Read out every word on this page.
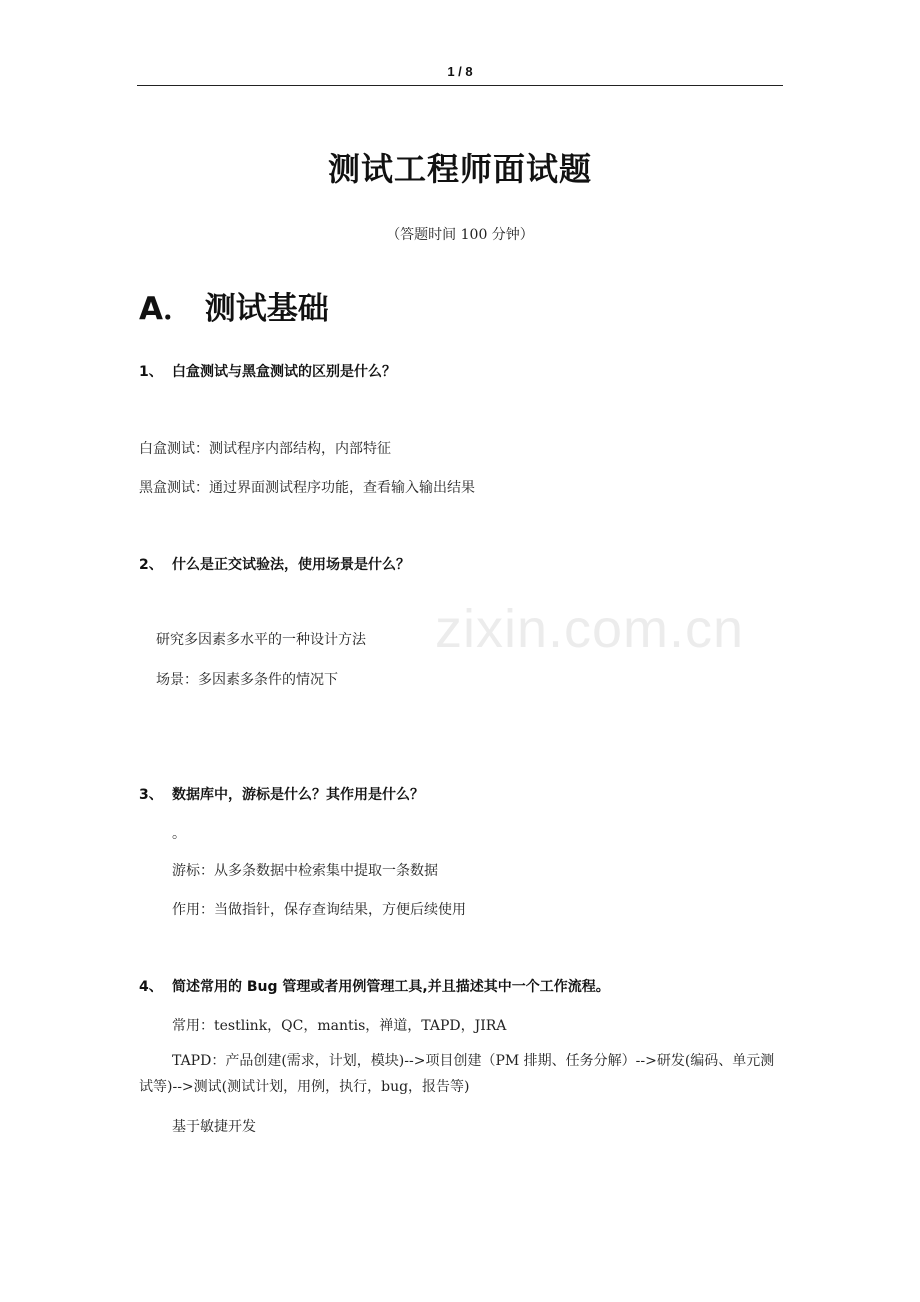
1 / 8
测试工程师面试题
（答题时间 100 分钟）
A． 测试基础
1、 白盒测试与黑盒测试的区别是什么？
白盒测试：测试程序内部结构，内部特征
黑盒测试：通过界面测试程序功能，查看输入输出结果
2、 什么是正交试验法，使用场景是什么？
研究多因素多水平的一种设计方法
场景：多因素多条件的情况下
3、 数据库中，游标是什么？其作用是什么？
。
游标：从多条数据中检索集中提取一条数据
作用：当做指针，保存查询结果，方便后续使用
4、 简述常用的 Bug 管理或者用例管理工具,并且描述其中一个工作流程。
常用：testlink，QC，mantis，禅道，TAPD，JIRA
TAPD：产品创建(需求，计划，模块)-->项目创建（PM 排期、任务分解）-->研发(编码、单元测试等)-->测试(测试计划，用例，执行，bug，报告等)
基于敏捷开发
zixin.com.cn
